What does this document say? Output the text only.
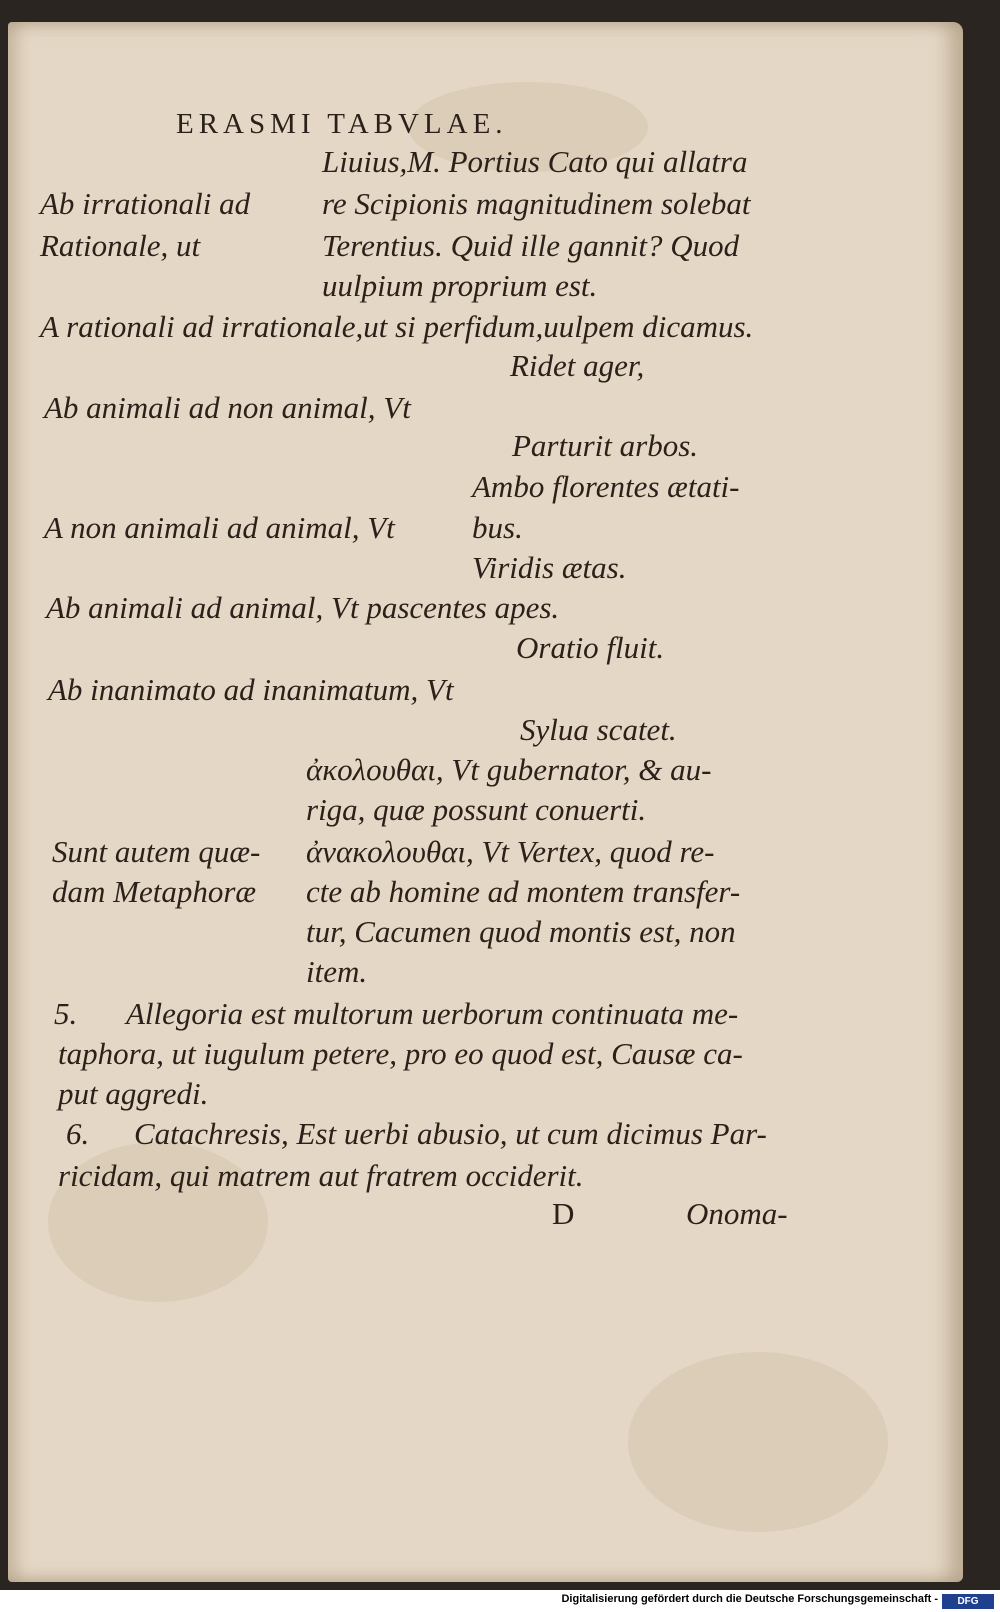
ERASMI TABVLAE.
Liuius,M. Portius Cato qui allatra
Ab irrationali ad re Scipionis magnitudinem solebat
Rationale, ut	Terentius. Quid ille gannit? Quod
uulpium proprium est.
A rationali ad irrationale,ut si perfidum,uulpem dicamus.
Ridet ager,
Ab animali ad non animal, Vt
Parturit arbos.
Ambo florentes ætati-
A non animali ad animal, Vt bus.
Viridis ætas.
Ab animali ad animal, Vt pascentes apes.
Oratio fluit.
Ab inanimato ad inanimatum, Vt
Sylua scatet.
ἀκολουθαι, Vt gubernator, & au-
riga, quæ possunt conuerti.
Sunt autem quæ- ἀνακολουθαι, Vt Vertex, quod re-
dam Metaphoræ cte ab homine ad montem transfer-
tur, Cacumen quod montis est, non
item.
5. Allegoria est multorum uerborum continuata me-
taphora, ut iugulum petere, pro eo quod est, Causæ ca-
put aggredi.
6. Catachresis, Est uerbi abusio, ut cum dicimus Par-
ricidam, qui matrem aut fratrem occiderit.
D	Onoma-
Digitalisierung gefördert durch die Deutsche Forschungsgemeinschaft -	DFG
